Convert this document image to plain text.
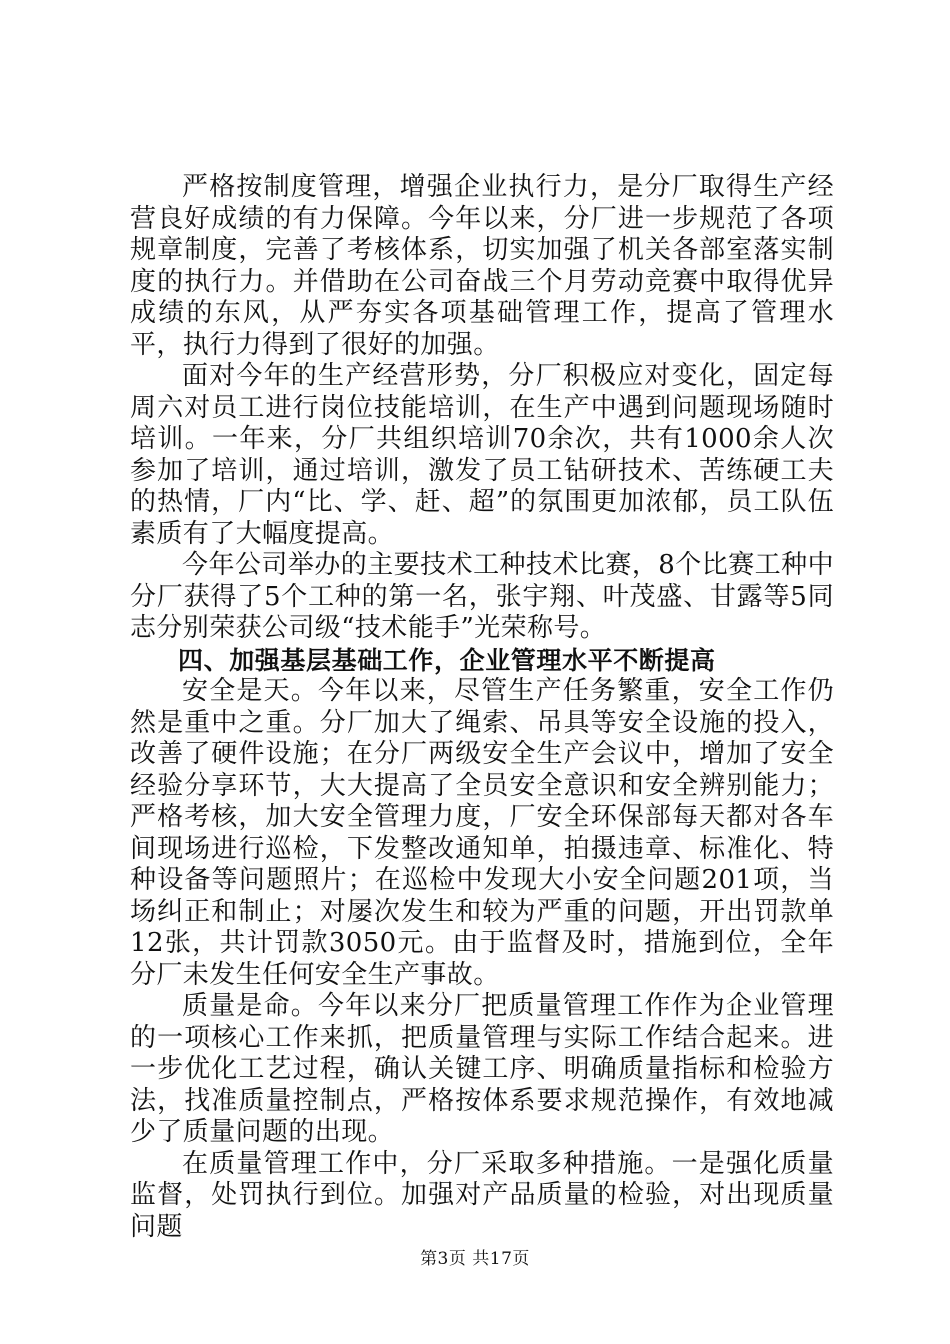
严格按制度管理，增强企业执行力，是分厂取得生产经营良好成绩的有力保障。今年以来，分厂进一步规范了各项规章制度，完善了考核体系，切实加强了机关各部室落实制度的执行力。并借助在公司奋战三个月劳动竞赛中取得优异成绩的东风，从严夯实各项基础管理工作，提高了管理水平，执行力得到了很好的加强。

面对今年的生产经营形势，分厂积极应对变化，固定每周六对员工进行岗位技能培训，在生产中遇到问题现场随时培训。一年来，分厂共组织培训70余次，共有1000余人次参加了培训，通过培训，激发了员工钻研技术、苦练硬工夫的热情，厂内“比、学、赶、超”的氛围更加浓郁，员工队伍素质有了大幅度提高。

今年公司举办的主要技术工种技术比赛，8个比赛工种中分厂获得了5个工种的第一名，张宇翔、叶茂盛、甘露等5同志分别荣获公司级“技术能手”光荣称号。

四、加强基层基础工作，企业管理水平不断提高

安全是天。今年以来，尽管生产任务繁重，安全工作仍然是重中之重。分厂加大了绳索、吊具等安全设施的投入，改善了硬件设施；在分厂两级安全生产会议中，增加了安全经验分享环节，大大提高了全员安全意识和安全辨别能力；严格考核，加大安全管理力度，厂安全环保部每天都对各车间现场进行巡检，下发整改通知单，拍摄违章、标准化、特种设备等问题照片；在巡检中发现大小安全问题201项，当场纠正和制止；对屡次发生和较为严重的问题，开出罚款单12张，共计罚款3050元。由于监督及时，措施到位，全年分厂未发生任何安全生产事故。

质量是命。今年以来分厂把质量管理工作作为企业管理的一项核心工作来抓，把质量管理与实际工作结合起来。进一步优化工艺过程，确认关键工序、明确质量指标和检验方法，找准质量控制点，严格按体系要求规范操作，有效地减少了质量问题的出现。

在质量管理工作中，分厂采取多种措施。一是强化质量监督，处罚执行到位。加强对产品质量的检验，对出现质量问题

第3页 共17页
